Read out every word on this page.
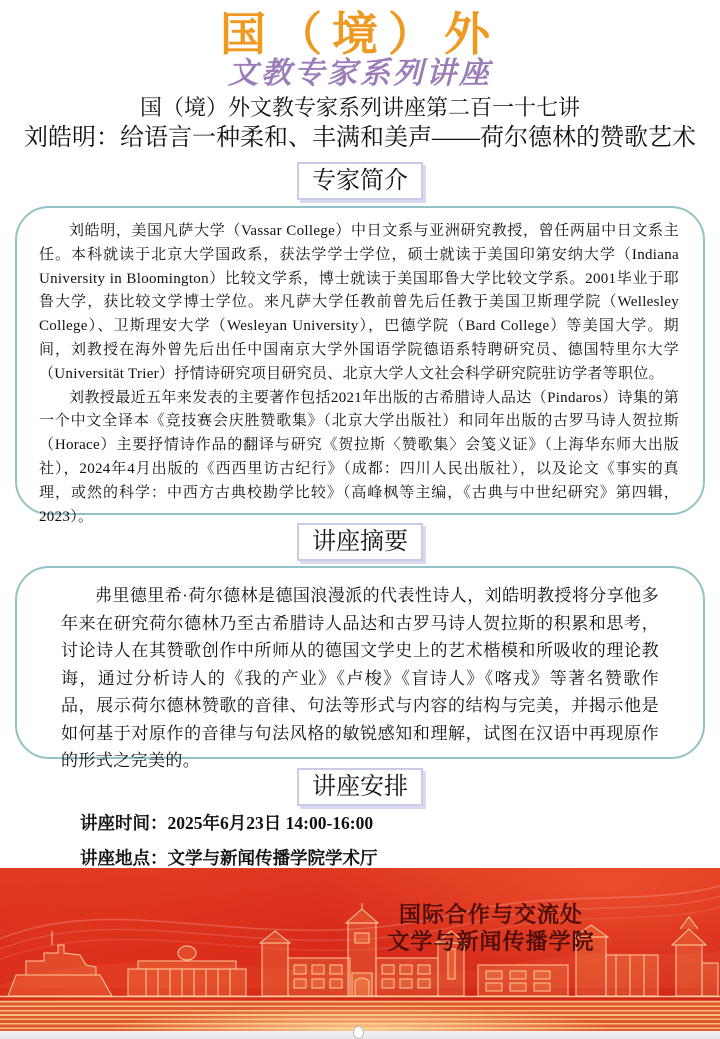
国（境）外
文教专家系列讲座
国（境）外文教专家系列讲座第二百一十七讲
刘皓明：给语言一种柔和、丰满和美声——荷尔德林的赞歌艺术
专家简介

刘皓明，美国凡萨大学（Vassar College）中日文系与亚洲研究教授，曾任两届中日文系主任。本科就读于北京大学国政系，获法学学士学位，硕士就读于美国印第安纳大学（Indiana University in Bloomington）比较文学系，博士就读于美国耶鲁大学比较文学系。2001毕业于耶鲁大学，获比较文学博士学位。来凡萨大学任教前曾先后任教于美国卫斯理学院（Wellesley College）、卫斯理安大学（Wesleyan University），巴德学院（Bard College）等美国大学。期间，刘教授在海外曾先后出任中国南京大学外国语学院德语系特聘研究员、德国特里尔大学（Universität Trier）抒情诗研究项目研究员、北京大学人文社会科学研究院驻访学者等职位。

刘教授最近五年来发表的主要著作包括2021年出版的古希腊诗人品达（Pindaros）诗集的第一个中文全译本《竞技赛会庆胜赞歌集》（北京大学出版社）和同年出版的古罗马诗人贺拉斯（Horace）主要抒情诗作品的翻译与研究《贺拉斯〈赞歌集〉会笺义证》（上海华东师大出版社），2024年4月出版的《西西里访古纪行》（成都：四川人民出版社），以及论文《事实的真理，或然的科学：中西方古典校勘学比较》（高峰枫等主编，《古典与中世纪研究》第四辑，2023）。

讲座摘要

弗里德里希·荷尔德林是德国浪漫派的代表性诗人，刘皓明教授将分享他多年来在研究荷尔德林乃至古希腊诗人品达和古罗马诗人贺拉斯的积累和思考，讨论诗人在其赞歌创作中所师从的德国文学史上的艺术楷模和所吸收的理论教诲，通过分析诗人的《我的产业》《卢梭》《盲诗人》《喀戎》等著名赞歌作品，展示荷尔德林赞歌的音律、句法等形式与内容的结构与完美，并揭示他是如何基于对原作的音律与句法风格的敏锐感知和理解，试图在汉语中再现原作的形式之完美的。

讲座安排
讲座时间：2025年6月23日 14:00-16:00
讲座地点：文学与新闻传播学院学术厅
国际合作与交流处
文学与新闻传播学院
